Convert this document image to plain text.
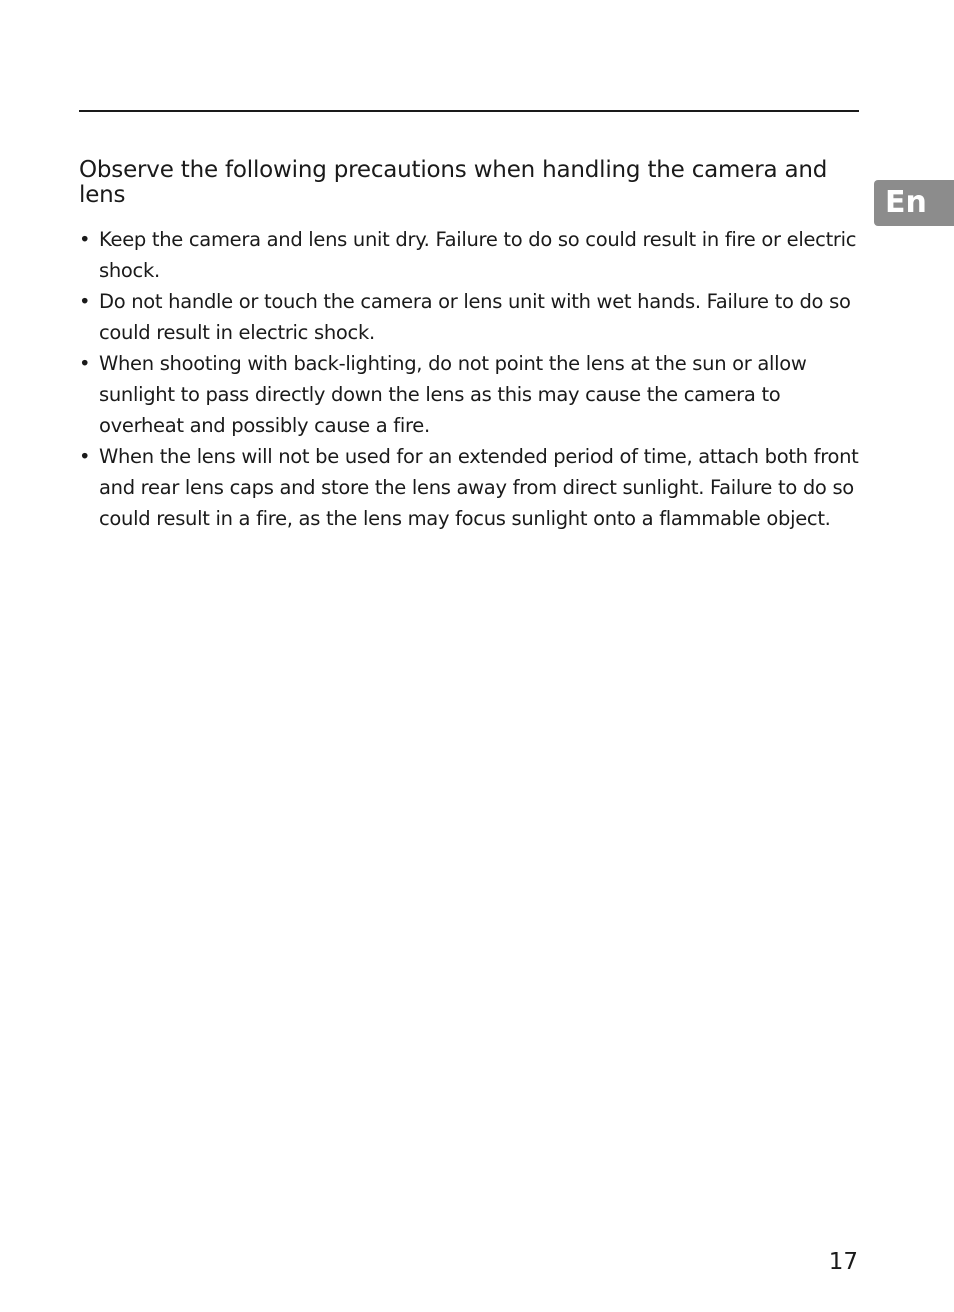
En
Observe the following precautions when handling the camera and lens
• Keep the camera and lens unit dry. Failure to do so could result in fire or electric shock.
• Do not handle or touch the camera or lens unit with wet hands. Failure to do so could result in electric shock.
• When shooting with back-lighting, do not point the lens at the sun or allow sunlight to pass directly down the lens as this may cause the camera to overheat and possibly cause a fire.
• When the lens will not be used for an extended period of time, attach both front and rear lens caps and store the lens away from direct sunlight. Failure to do so could result in a fire, as the lens may focus sunlight onto a flammable object.
17
